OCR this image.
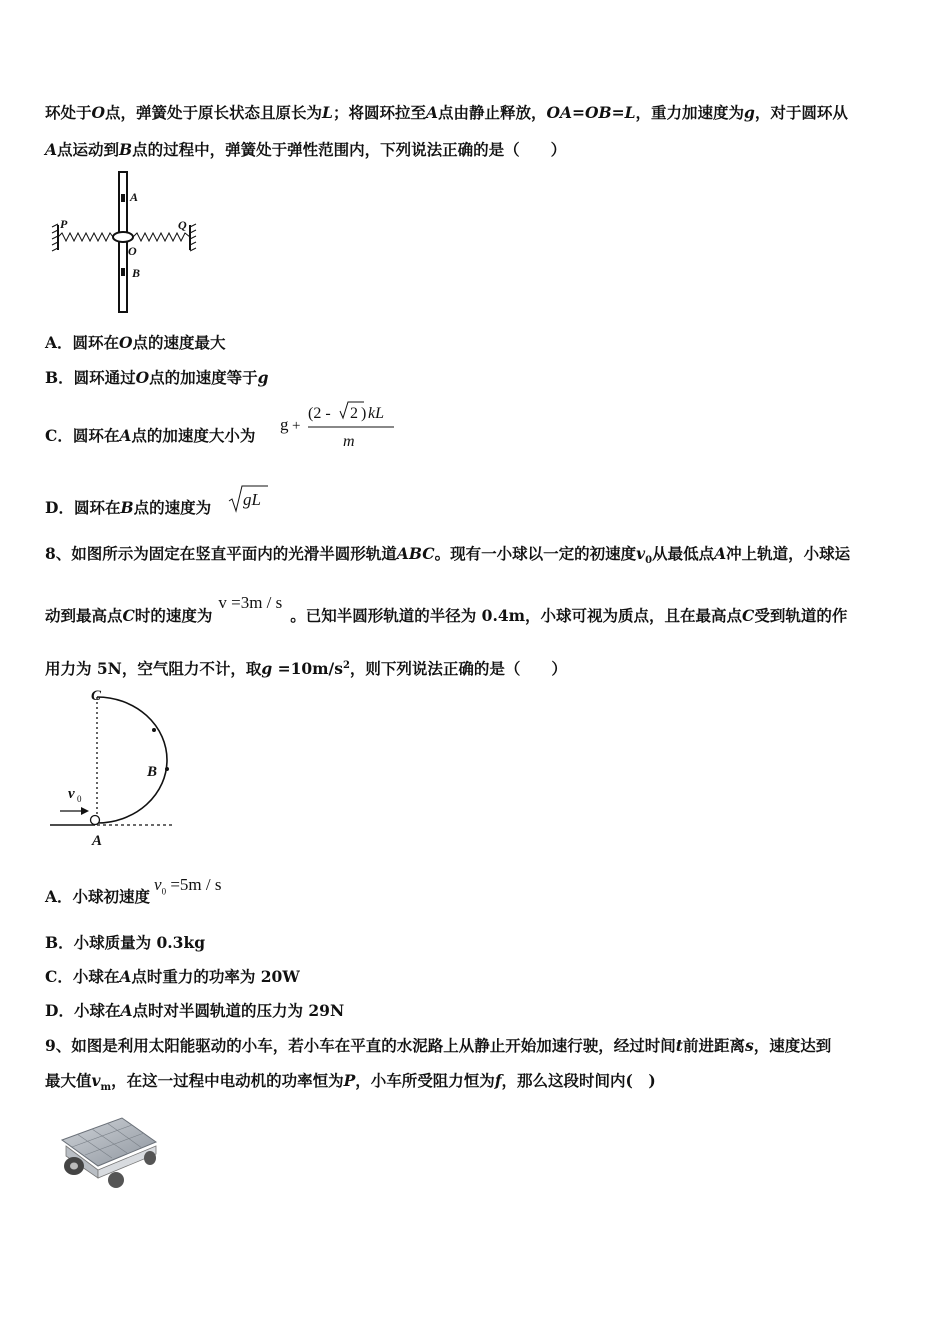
环处于O点，弹簧处于原长状态且原长为L；将圆环拉至A点由静止释放，OA=OB=L，重力加速度为g，对于圆环从
A点运动到B点的过程中，弹簧处于弹性范围内，下列说法正确的是（　　）
A
P	Q
O
B
A．圆环在O点的速度最大
B．圆环通过O点的加速度等于g
C．圆环在A点的加速度大小为
g +
(2 - 2 ) kL
m
D．圆环在B点的速度为 gL
8、如图所示为固定在竖直平面内的光滑半圆形轨道ABC。现有一小球以一定的初速度$v_0$从最低点A冲上轨道，小球运
动到最高点C时的速度为v =3m / s。已知半圆形轨道的半径为 0.4m，小球可视为质点，且在最高点C受到轨道的作
用力为 5N，空气阻力不计，取$g =10m/s^2$，则下列说法正确的是（　　）
C
B
A
v 0
A．小球初速度$v_0 =5m / s$
B．小球质量为 0.3kg
C．小球在A点时重力的功率为 20W
D．小球在A点时对半圆轨道的压力为 29N
9、如图是利用太阳能驱动的小车，若小车在平直的水泥路上从静止开始加速行驶，经过时间t前进距离s，速度达到
最大值$v_m$，在这一过程中电动机的功率恒为P，小车所受阻力恒为f，那么这段时间内(　)
